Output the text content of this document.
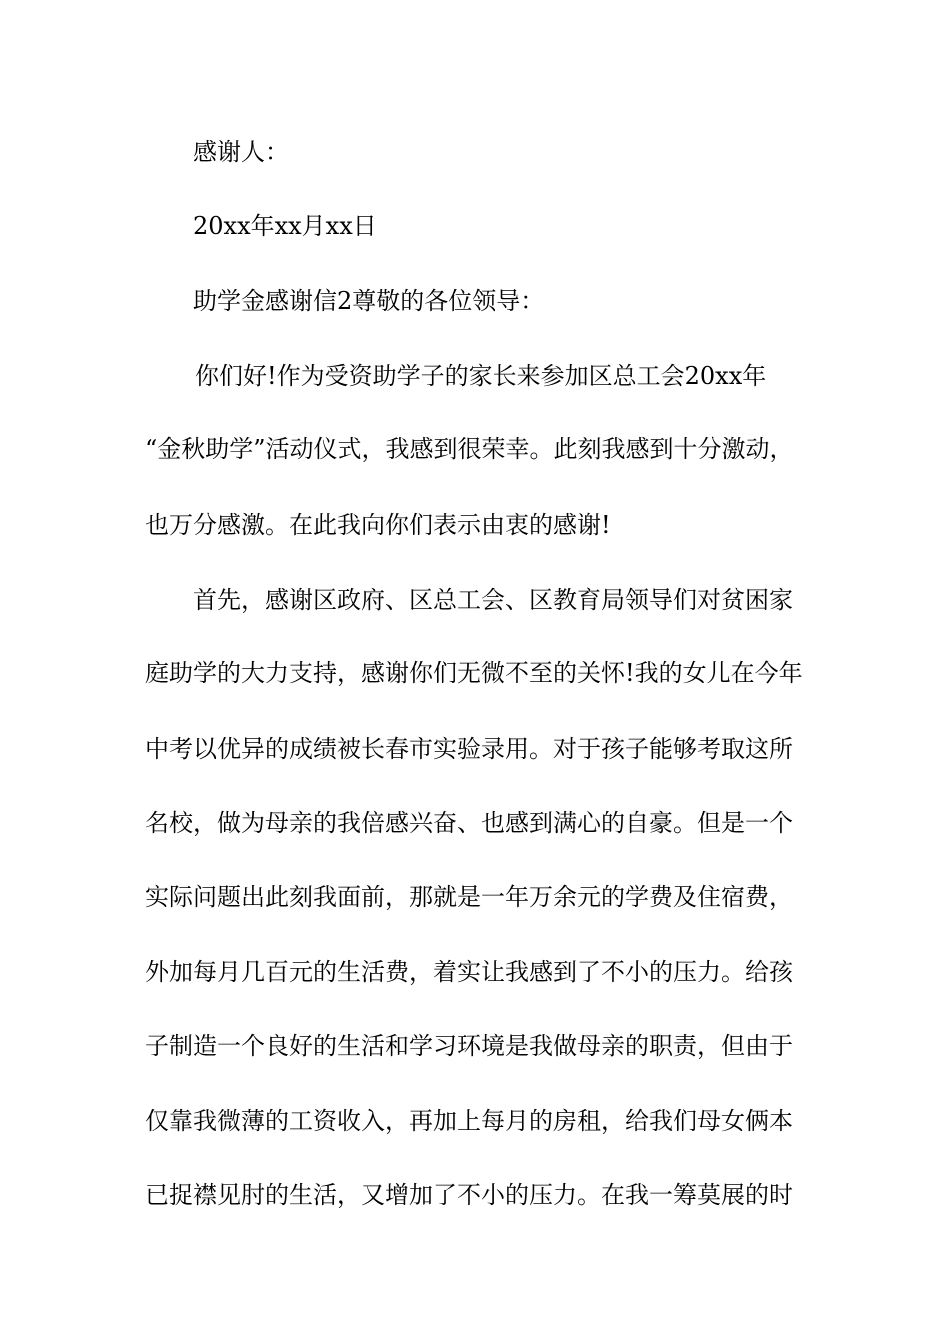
感谢人：
20xx年xx月xx日
助学金感谢信2尊敬的各位领导：
你们好!作为受资助学子的家长来参加区总工会20xx年
“金秋助学”活动仪式，我感到很荣幸。此刻我感到十分激动，
也万分感激。在此我向你们表示由衷的感谢!
首先，感谢区政府、区总工会、区教育局领导们对贫困家
庭助学的大力支持，感谢你们无微不至的关怀!我的女儿在今年
中考以优异的成绩被长春市实验录用。对于孩子能够考取这所
名校，做为母亲的我倍感兴奋、也感到满心的自豪。但是一个
实际问题出此刻我面前，那就是一年万余元的学费及住宿费，
外加每月几百元的生活费，着实让我感到了不小的压力。给孩
子制造一个良好的生活和学习环境是我做母亲的职责，但由于
仅靠我微薄的工资收入，再加上每月的房租，给我们母女俩本
已捉襟见肘的生活，又增加了不小的压力。在我一筹莫展的时
